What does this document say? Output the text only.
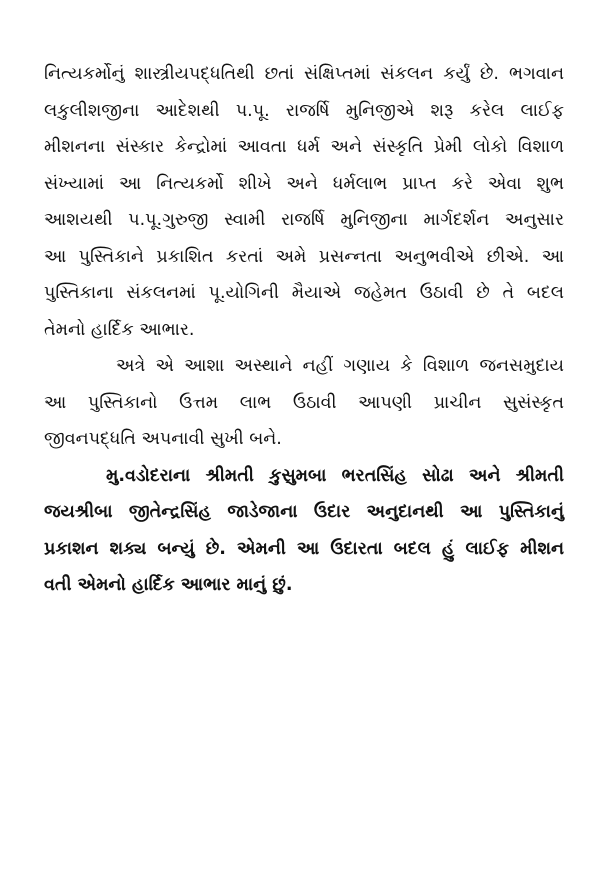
નિત્યકર્મોનું શાસ્ત્રીયપદ્ધતિથી છતાં સંક્ષિપ્તમાં સંકલન કર્યું છે. ભગવાન
લકુલીશજીના આદેશથી પ.પૂ. રાજર્ષિ મુનિજીએ શરૂ કરેલ લાઈફ
મીશનના સંસ્કાર કેન્દ્રોમાં આવતા ધર્મ અને સંસ્કૃતિ પ્રેમી લોકો વિશાળ
સંખ્યામાં આ નિત્યકર્મો શીખે અને ધર્મલાભ પ્રાપ્ત કરે એવા શુભ
આશયથી પ.પૂ.ગુરુજી સ્વામી રાજર્ષિ મુનિજીના માર્ગદર્શન અનુસાર
આ પુસ્તિકાને પ્રકાશિત કરતાં અમે પ્રસન્નતા અનુભવીએ છીએ. આ
પુસ્તિકાના સંકલનમાં પૂ.યોગિની મૈયાએ જહેમત ઉઠાવી છે તે બદલ
તેમનો હાર્દિક આભાર.

અત્રે એ આશા અસ્થાને નહીં ગણાય કે વિશાળ જનસમુદાય
આ પુસ્તિકાનો ઉત્તમ લાભ ઉઠાવી આપણી પ્રાચીન સુસંસ્કૃત
જીવનપદ્ધતિ અપનાવી સુખી બને.

મુ.વડોદરાના શ્રીમતી કુસુમબા ભરતસિંહ સોઢા અને શ્રીમતી
જયશ્રીબા જીતેન્દ્રસિંહ જાડેજાના ઉદાર અનુદાનથી આ પુસ્તિકાનું
પ્રકાશન શક્ય બન્યું છે. એમની આ ઉદારતા બદલ હું લાઈફ મીશન
વતી એમનો હાર્દિક આભાર માનું છું.
